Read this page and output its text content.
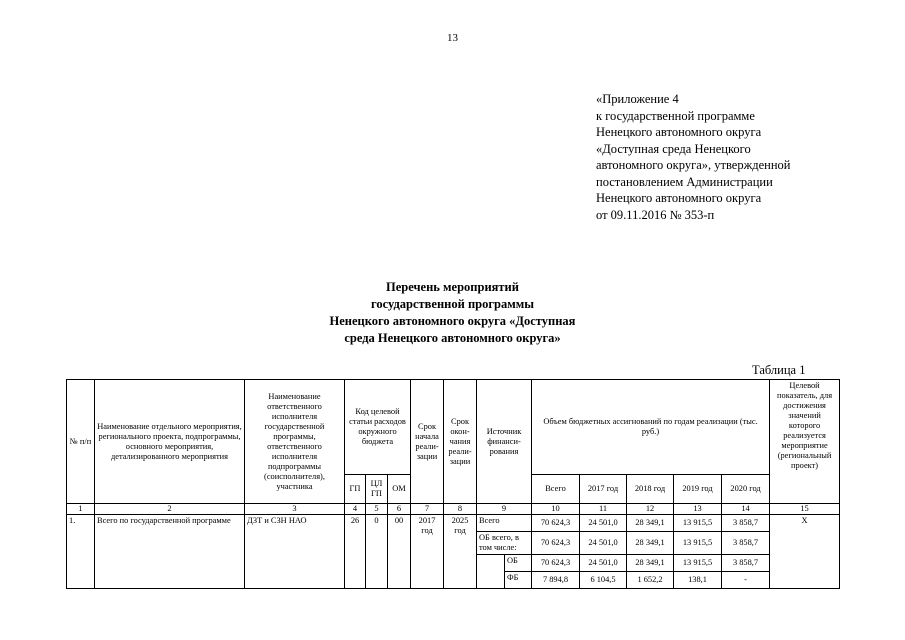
13
«Приложение 4
к государственной программе
Ненецкого автономного округа
«Доступная среда Ненецкого
автономного округа», утвержденной
постановлением Администрации
Ненецкого автономного округа
от 09.11.2016 № 353-п
Перечень мероприятий
государственной программы
Ненецкого автономного округа «Доступная
среда Ненецкого автономного округа»
Таблица 1
№ п/п	Наименование отдельного мероприятия, регионального проекта, подпрограммы, основного мероприятия, детализированного мероприятия	Наименование ответственного исполнителя государственной программы, ответственного исполнителя подпрограммы (соисполнителя), участника	Код целевой статьи расходов окружного бюджета			Срок начала реали-зации	Срок окон-чания реали-зации	Источник финанси-рования		Объем бюджетных ассигнований по годам реализации (тыс. руб.)					Целевой показатель, для достижения значений которого реализуется мероприятие (региональный проект)
			ГП	ЦЛ ГП	ОМ					Всего	2017 год	2018 год	2019 год	2020 год	
1	2	3	4	5	6	7	8	9		10	11	12	13	14	15
1.	Всего по государственной программе	ДЗТ и СЗН НАО	26	0	00	2017 год	2025 год	Всего		70 624,3	24 501,0	28 349,1	13 915,5	3 858,7	X
								ОБ всего, в том числе:		70 624,3	24 501,0	28 349,1	13 915,5	3 858,7	
									ОБ	70 624,3	24 501,0	28 349,1	13 915,5	3 858,7	
									ФБ	7 894,8	6 104,5	1 652,2	138,1	-	
